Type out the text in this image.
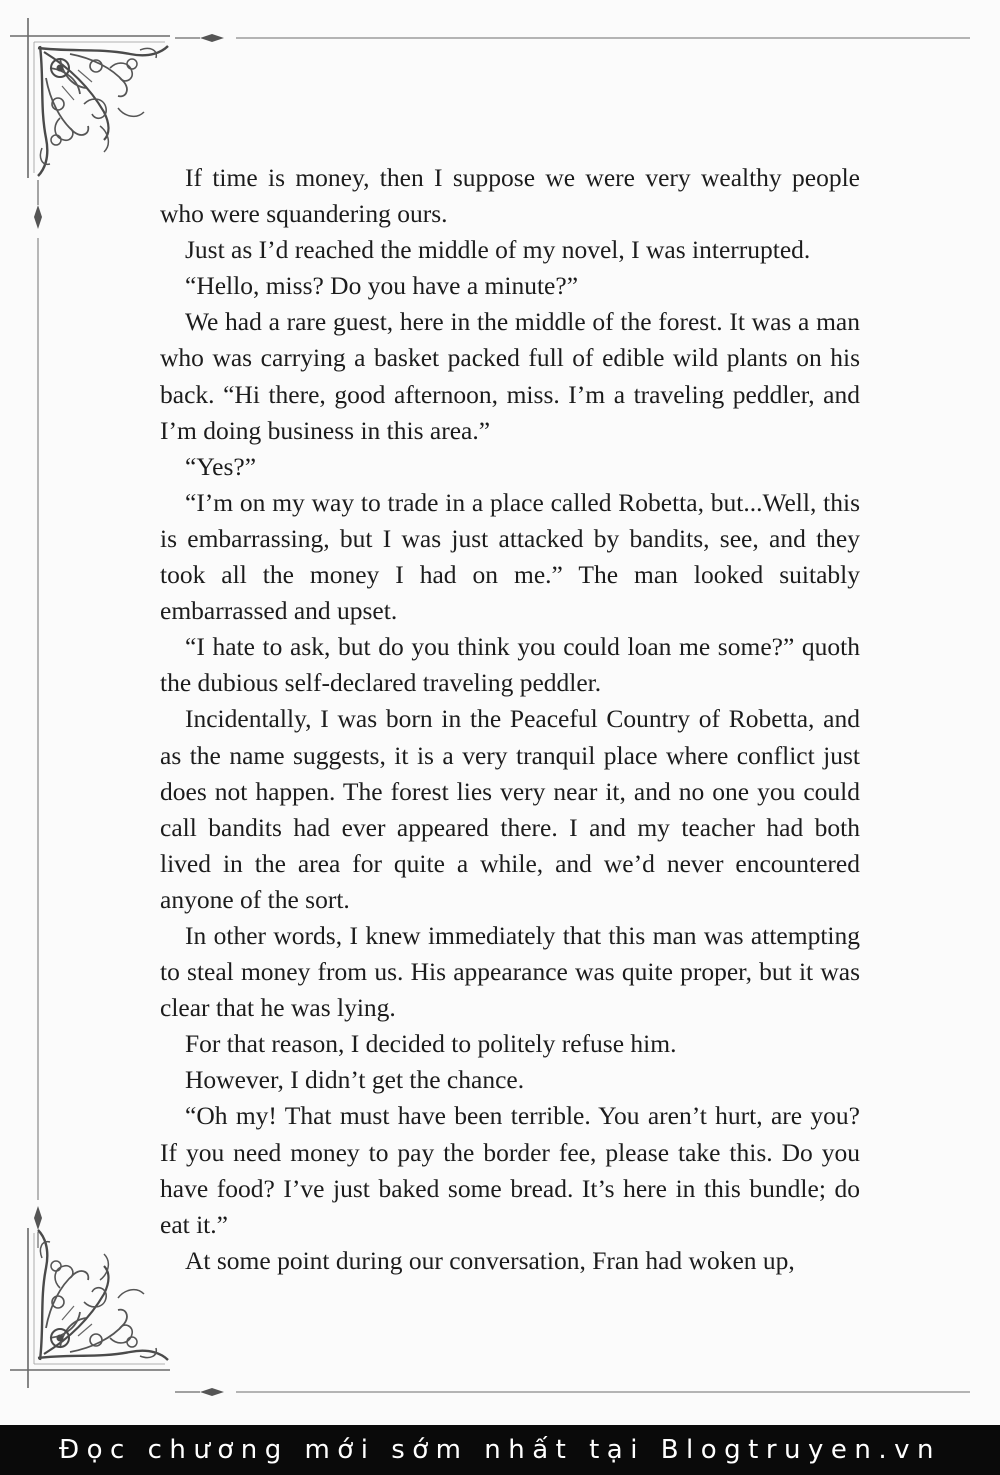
If time is money, then I suppose we were very wealthy people who were squandering ours.

Just as I’d reached the middle of my novel, I was interrupted.

“Hello, miss? Do you have a minute?”

We had a rare guest, here in the middle of the forest. It was a man who was carrying a basket packed full of edible wild plants on his back. “Hi there, good afternoon, miss. I’m a traveling peddler, and I’m doing business in this area.”

“Yes?”

“I’m on my way to trade in a place called Robetta, but...Well, this is embarrassing, but I was just attacked by bandits, see, and they took all the money I had on me.” The man looked suitably embarrassed and upset.

“I hate to ask, but do you think you could loan me some?” quoth the dubious self-declared traveling peddler.

Incidentally, I was born in the Peaceful Country of Robetta, and as the name suggests, it is a very tranquil place where conflict just does not happen. The forest lies very near it, and no one you could call bandits had ever appeared there. I and my teacher had both lived in the area for quite a while, and we’d never encountered anyone of the sort.

In other words, I knew immediately that this man was attempting to steal money from us. His appearance was quite proper, but it was clear that he was lying.

For that reason, I decided to politely refuse him.

However, I didn’t get the chance.

“Oh my! That must have been terrible. You aren’t hurt, are you? If you need money to pay the border fee, please take this. Do you have food? I’ve just baked some bread. It’s here in this bundle; do eat it.”

At some point during our conversation, Fran had woken up,

Đọc chương mới sớm nhất tại Blogtruyen.vn
